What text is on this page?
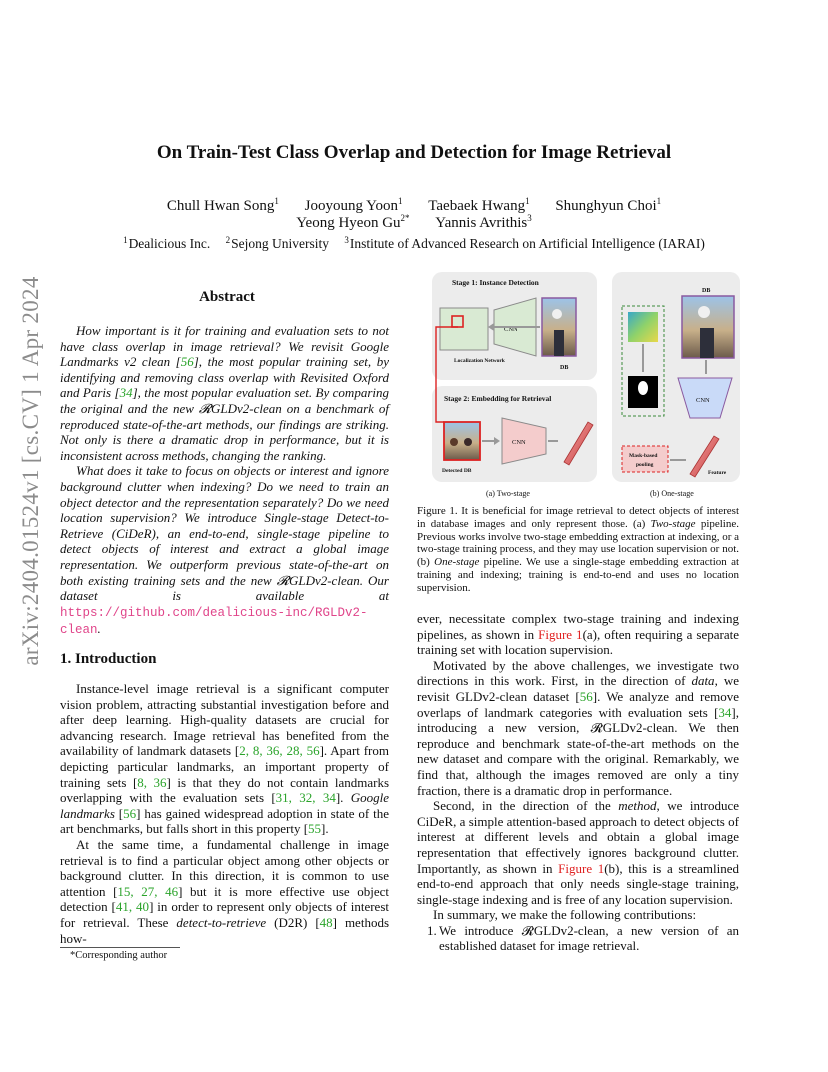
arXiv:2404.01524v1 [cs.CV] 1 Apr 2024
On Train-Test Class Overlap and Detection for Image Retrieval
Chull Hwan Song$^1$ Jooyoung Yoon$^1$ Taebaek Hwang$^1$ Shunghyun Choi$^1$
Yeong Hyeon $Gu^{2*}$ Yannis Avrithis$^3$
$^1$Dealicious Inc. $^2$Sejong University $^3$Institute of Advanced Research on Artificial Intelligence (IARAI)
Abstract

How important is it for training and evaluation sets to not have class overlap in image retrieval? We revisit Google Landmarks v2 clean [56], the most popular training set, by identifying and removing class overlap with Revisited Oxford and Paris [34], the most popular evaluation set. By comparing the original and the new 𝓡GLDv2-clean on a benchmark of reproduced state-of-the-art methods, our findings are striking. Not only is there a dramatic drop in performance, but it is inconsistent across methods, changing the ranking.

What does it take to focus on objects or interest and ignore background clutter when indexing? Do we need to train an object detector and the representation separately? Do we need location supervision? We introduce Single-stage Detect-to-Retrieve (CiDeR), an end-to-end, single-stage pipeline to detect objects of interest and extract a global image representation. We outperform previous state-of-the-art on both existing training sets and the new 𝓡GLDv2-clean. Our dataset is available at https://github.com/dealicious-inc/RGLDv2-clean.

1. Introduction

Instance-level image retrieval is a significant computer vision problem, attracting substantial investigation before and after deep learning. High-quality datasets are crucial for advancing research. Image retrieval has benefited from the availability of landmark datasets [2, 8, 36, 28, 56]. Apart from depicting particular landmarks, an important property of training sets [8, 36] is that they do not contain landmarks overlapping with the evaluation sets [31, 32, 34]. Google landmarks [56] has gained widespread adoption in state of the art benchmarks, but falls short in this property [55].

At the same time, a fundamental challenge in image retrieval is to find a particular object among other objects or background clutter. In this direction, it is common to use attention [15, 27, 46] but it is more effective use object detection [41, 40] in order to represent only objects of interest for retrieval. These detect-to-retrieve (D2R) [48] methods how-

*Corresponding author
Stage 1: Instance Detection
Stage 2: Embedding for Retrieval
CNN
DB
Localization Network
Detected DB
CNN
DB
CNN
Mask-based
pooling
Feature
(a) Two-stage	(b) One-stage
Figure 1. It is beneficial for image retrieval to detect objects of interest in database images and only represent those. (a) Two-stage pipeline. Previous works involve two-stage embedding extraction at indexing, or a two-stage training process, and they may use location supervision or not. (b) One-stage pipeline. We use a single-stage embedding extraction at training and indexing; training is end-to-end and uses no location supervision.

ever, necessitate complex two-stage training and indexing pipelines, as shown in Figure 1(a), often requiring a separate training set with location supervision.

Motivated by the above challenges, we investigate two directions in this work. First, in the direction of data, we revisit GLDv2-clean dataset [56]. We analyze and remove overlaps of landmark categories with evaluation sets [34], introducing a new version, 𝓡GLDv2-clean. We then reproduce and benchmark state-of-the-art methods on the new dataset and compare with the original. Remarkably, we find that, although the images removed are only a tiny fraction, there is a dramatic drop in performance.

Second, in the direction of the method, we introduce CiDeR, a simple attention-based approach to detect objects of interest at different levels and obtain a global image representation that effectively ignores background clutter. Importantly, as shown in Figure 1(b), this is a streamlined end-to-end approach that only needs single-stage training, single-stage indexing and is free of any location supervision.

In summary, we make the following contributions:

1. We introduce 𝓡GLDv2-clean, a new version of an established dataset for image retrieval.
